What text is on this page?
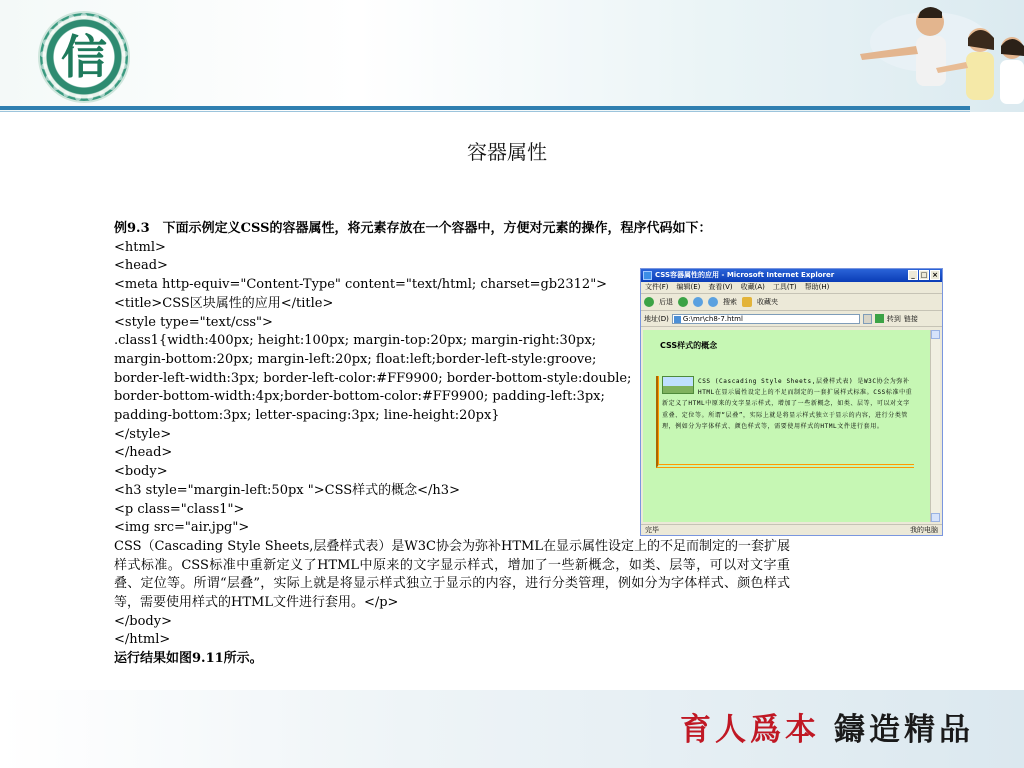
信
容器属性
例9.3　下面示例定义CSS的容器属性，将元素存放在一个容器中，方便对元素的操作，程序代码如下：
<html>
<head>
<meta http-equiv="Content-Type" content="text/html; charset=gb2312">
<title>CSS区块属性的应用</title>
<style type="text/css">
.class1{width:400px; height:100px; margin-top:20px; margin-right:30px;
margin-bottom:20px; margin-left:20px; float:left;border-left-style:groove;
border-left-width:3px; border-left-color:#FF9900; border-bottom-style:double;
border-bottom-width:4px;border-bottom-color:#FF9900; padding-left:3px;
padding-bottom:3px; letter-spacing:3px; line-height:20px}
</style>
</head>
<body>
<h3 style="margin-left:50px ">CSS样式的概念</h3>
<p class="class1">
<img src="air.jpg">
CSS（Cascading Style Sheets,层叠样式表）是W3C协会为弥补HTML在显示属性设定上的不足而制定的一套扩展样式标准。CSS标准中重新定义了HTML中原来的文字显示样式，增加了一些新概念，如类、层等，可以对文字重叠、定位等。所谓“层叠”，实际上就是将显示样式独立于显示的内容，进行分类管理，例如分为字体样式、颜色样式等，需要使用样式的HTML文件进行套用。</p>
</body>
</html>
运行结果如图9.11所示。
CSS容器属性的应用 - Microsoft Internet Explorer	_ □ ×
文件(F) 编辑(E) 查看(V) 收藏(A) 工具(T) 帮助(H)
后退	搜索	收藏夹
地址(D)	G:\mr\ch8-7.html	转到 链接
CSS样式的概念
CSS (Cascading Style Sheets,层叠样式表) 是W3C协会为弥补HTML在显示属性设定上的不足而制定的一套扩展样式标准。CSS标准中重新定义了HTML中原来的文字显示样式，增加了一些新概念，如类、层等，可以对文字重叠、定位等。所谓“层叠”，实际上就是将显示样式独立于显示的内容，进行分类管理，例如分为字体样式、颜色样式等，需要使用样式的HTML文件进行套用。
完毕	我的电脑
育人爲本 鑄造精品
